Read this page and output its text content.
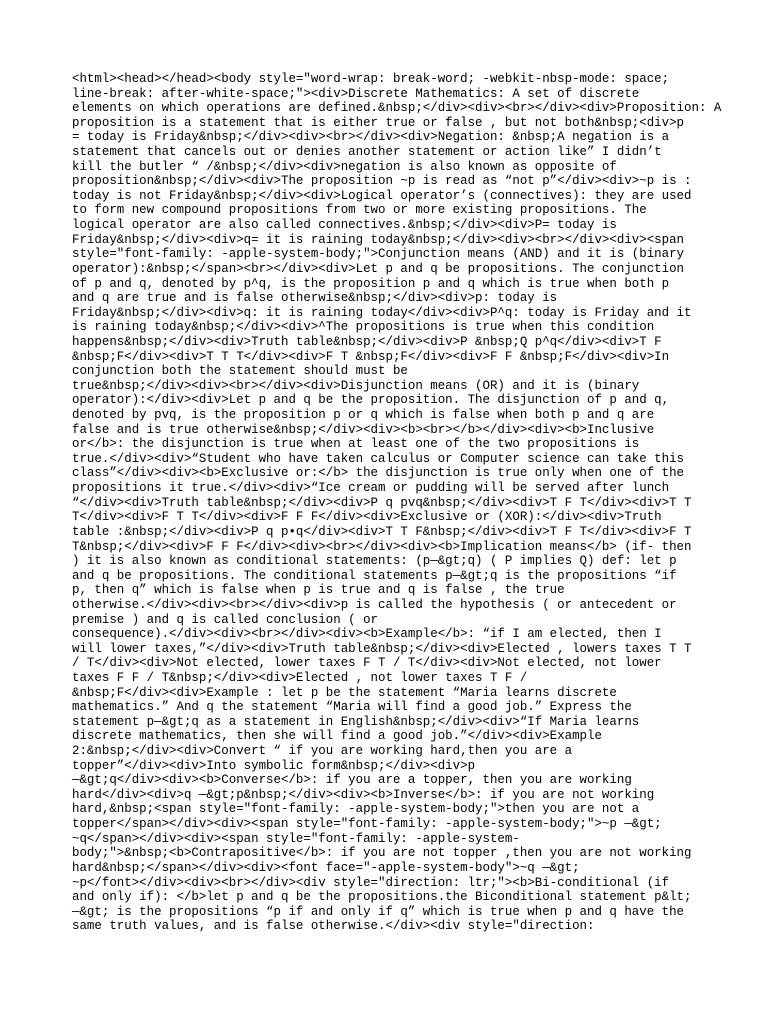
<html><head></head><body style="word-wrap: break-word; -webkit-nbsp-mode: space;
line-break: after-white-space;"><div>Discrete Mathematics: A set of discrete
elements on which operations are defined.&nbsp;</div><div><br></div><div>Proposition: A
proposition is a statement that is either true or false , but not both&nbsp;<div>p
= today is Friday&nbsp;</div><div><br></div><div>Negation: &nbsp;A negation is a
statement that cancels out or denies another statement or action like” I didn’t
kill the butler “ /&nbsp;</div><div>negation is also known as opposite of
proposition&nbsp;</div><div>The proposition ~p is read as “not p”</div><div>~p is :
today is not Friday&nbsp;</div><div>Logical operator’s (connectives): they are used
to form new compound propositions from two or more existing propositions. The
logical operator are also called connectives.&nbsp;</div><div>P= today is
Friday&nbsp;</div><div>q= it is raining today&nbsp;</div><div><br></div><div><span
style="font-family: -apple-system-body;">Conjunction means (AND) and it is (binary
operator):&nbsp;</span><br></div><div>Let p and q be propositions. The conjunction
of p and q, denoted by p^q, is the proposition p and q which is true when both p
and q are true and is false otherwise&nbsp;</div><div>p: today is
Friday&nbsp;</div><div>q: it is raining today</div><div>P^q: today is Friday and it
is raining today&nbsp;</div><div>^The propositions is true when this condition
happens&nbsp;</div><div>Truth table&nbsp;</div><div>P &nbsp;Q p^q</div><div>T F
&nbsp;F</div><div>T T T</div><div>F T &nbsp;F</div><div>F F &nbsp;F</div><div>In
conjunction both the statement should must be
true&nbsp;</div><div><br></div><div>Disjunction means (OR) and it is (binary
operator):</div><div>Let p and q be the proposition. The disjunction of p and q,
denoted by pvq, is the proposition p or q which is false when both p and q are
false and is true otherwise&nbsp;</div><div><b><br></b></div><div><b>Inclusive
or</b>: the disjunction is true when at least one of the two propositions is
true.</div><div>“Student who have taken calculus or Computer science can take this
class”</div><div><b>Exclusive or:</b> the disjunction is true only when one of the
propositions it true.</div><div>“Ice cream or pudding will be served after lunch
“</div><div>Truth table&nbsp;</div><div>P q pvq&nbsp;</div><div>T F T</div><div>T T
T</div><div>F T T</div><div>F F F</div><div>Exclusive or (XOR):</div><div>Truth
table :&nbsp;</div><div>P q p•q</div><div>T T F&nbsp;</div><div>T F T</div><div>F T
T&nbsp;</div><div>F F F</div><div><br></div><div><b>Implication means</b> (if- then
) it is also known as conditional statements: (p—&gt;q) ( P implies Q) def: let p
and q be propositions. The conditional statements p—&gt;q is the propositions “if
p, then q” which is false when p is true and q is false , the true
otherwise.</div><div><br></div><div>p is called the hypothesis ( or antecedent or
premise ) and q is called conclusion ( or
consequence).</div><div><br></div><div><b>Example</b>: “if I am elected, then I
will lower taxes,”</div><div>Truth table&nbsp;</div><div>Elected , lowers taxes T T
/ T</div><div>Not elected, lower taxes F T / T</div><div>Not elected, not lower
taxes F F / T&nbsp;</div><div>Elected , not lower taxes T F /
&nbsp;F</div><div>Example : let p be the statement “Maria learns discrete
mathematics.” And q the statement “Maria will find a good job.” Express the
statement p—&gt;q as a statement in English&nbsp;</div><div>“If Maria learns
discrete mathematics, then she will find a good job.”</div><div>Example
2:&nbsp;</div><div>Convert “ if you are working hard,then you are a
topper”</div><div>Into symbolic form&nbsp;</div><div>p
—&gt;q</div><div><b>Converse</b>: if you are a topper, then you are working
hard</div><div>q —&gt;p&nbsp;</div><div><b>Inverse</b>: if you are not working
hard,&nbsp;<span style="font-family: -apple-system-body;">then you are not a
topper</span></div><div><span style="font-family: -apple-system-body;">~p —&gt;
~q</span></div><div><span style="font-family: -apple-system-
body;">&nbsp;<b>Contrapositive</b>: if you are not topper ,then you are not working
hard&nbsp;</span></div><div><font face="-apple-system-body">~q —&gt;
~p</font></div><div><br></div><div style="direction: ltr;"><b>Bi-conditional (if
and only if): </b>let p and q be the propositions.the Biconditional statement p&lt;
—&gt; is the propositions “p if and only if q” which is true when p and q have the
same truth values, and is false otherwise.</div><div style="direction:
